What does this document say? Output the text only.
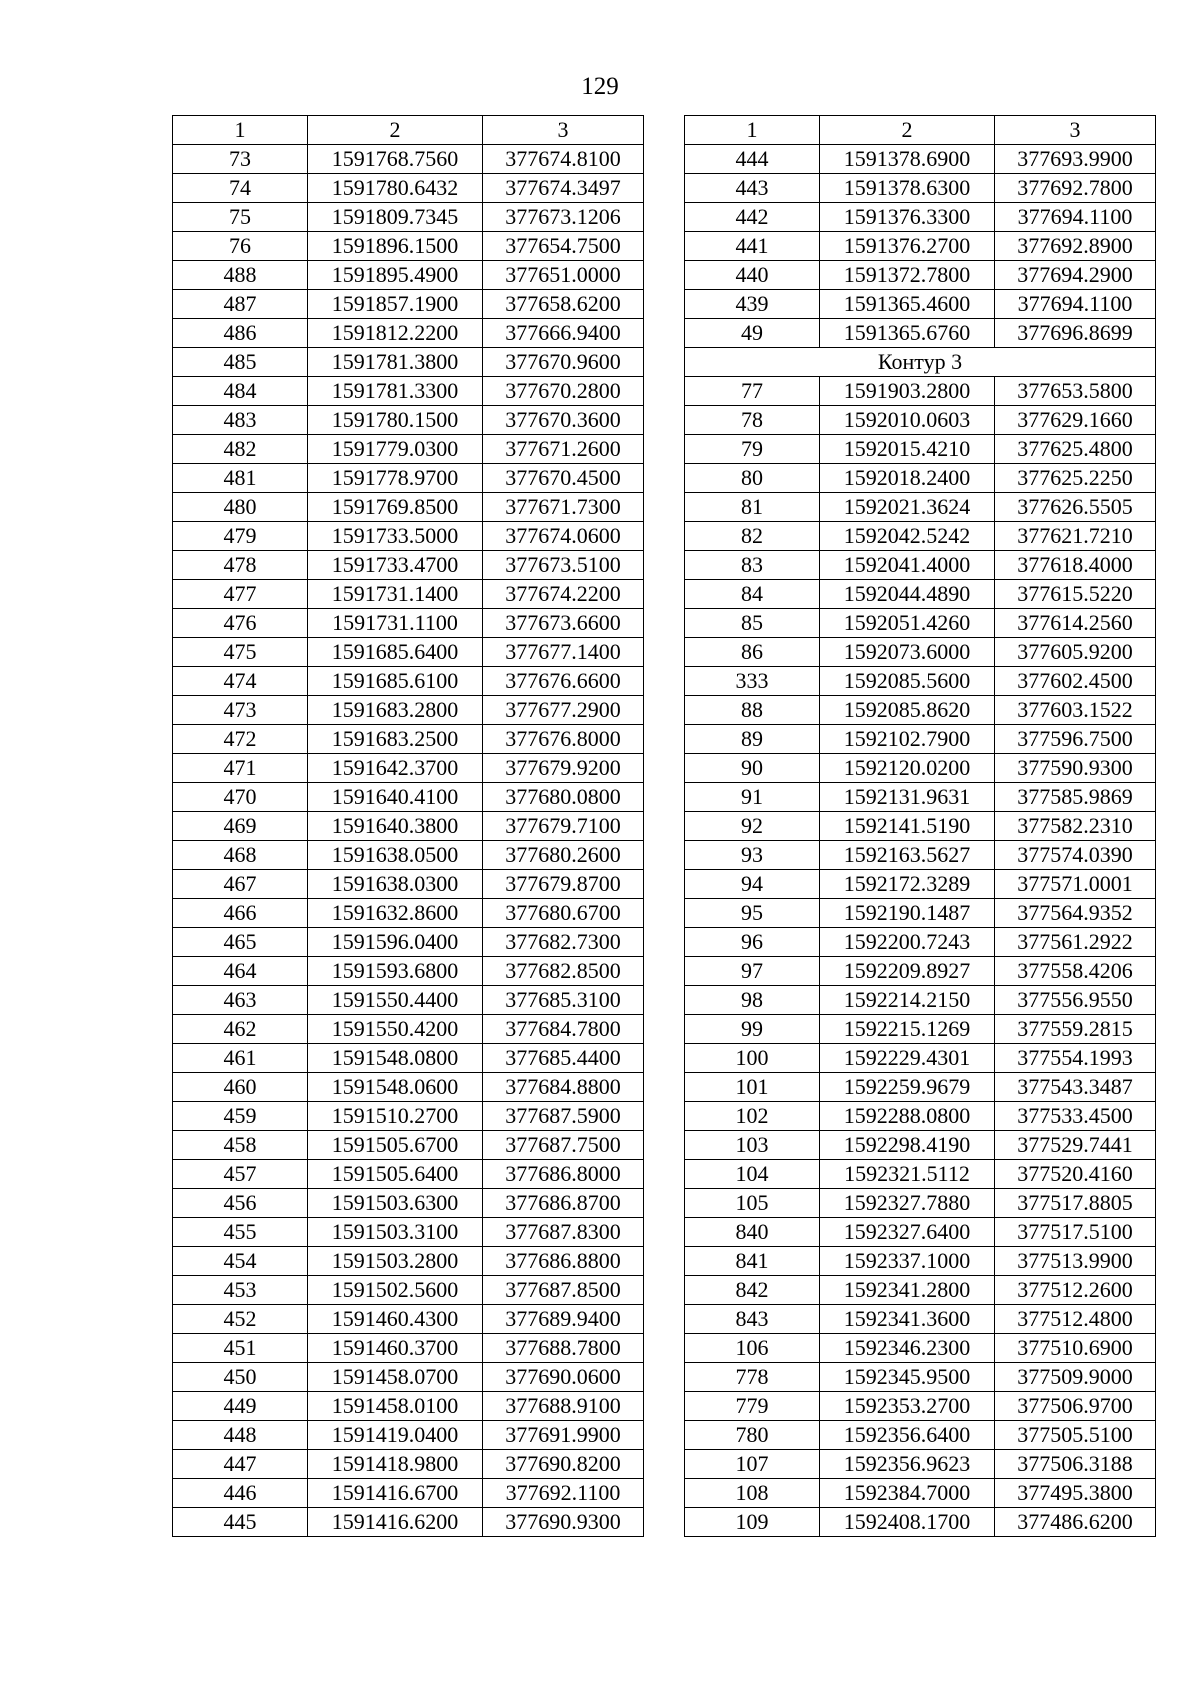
129
1	2	3
73	1591768.7560	377674.8100
74	1591780.6432	377674.3497
75	1591809.7345	377673.1206
76	1591896.1500	377654.7500
488	1591895.4900	377651.0000
487	1591857.1900	377658.6200
486	1591812.2200	377666.9400
485	1591781.3800	377670.9600
484	1591781.3300	377670.2800
483	1591780.1500	377670.3600
482	1591779.0300	377671.2600
481	1591778.9700	377670.4500
480	1591769.8500	377671.7300
479	1591733.5000	377674.0600
478	1591733.4700	377673.5100
477	1591731.1400	377674.2200
476	1591731.1100	377673.6600
475	1591685.6400	377677.1400
474	1591685.6100	377676.6600
473	1591683.2800	377677.2900
472	1591683.2500	377676.8000
471	1591642.3700	377679.9200
470	1591640.4100	377680.0800
469	1591640.3800	377679.7100
468	1591638.0500	377680.2600
467	1591638.0300	377679.8700
466	1591632.8600	377680.6700
465	1591596.0400	377682.7300
464	1591593.6800	377682.8500
463	1591550.4400	377685.3100
462	1591550.4200	377684.7800
461	1591548.0800	377685.4400
460	1591548.0600	377684.8800
459	1591510.2700	377687.5900
458	1591505.6700	377687.7500
457	1591505.6400	377686.8000
456	1591503.6300	377686.8700
455	1591503.3100	377687.8300
454	1591503.2800	377686.8800
453	1591502.5600	377687.8500
452	1591460.4300	377689.9400
451	1591460.3700	377688.7800
450	1591458.0700	377690.0600
449	1591458.0100	377688.9100
448	1591419.0400	377691.9900
447	1591418.9800	377690.8200
446	1591416.6700	377692.1100
445	1591416.6200	377690.9300
1	2	3
444	1591378.6900	377693.9900
443	1591378.6300	377692.7800
442	1591376.3300	377694.1100
441	1591376.2700	377692.8900
440	1591372.7800	377694.2900
439	1591365.4600	377694.1100
49	1591365.6760	377696.8699
Контур 3		
77	1591903.2800	377653.5800
78	1592010.0603	377629.1660
79	1592015.4210	377625.4800
80	1592018.2400	377625.2250
81	1592021.3624	377626.5505
82	1592042.5242	377621.7210
83	1592041.4000	377618.4000
84	1592044.4890	377615.5220
85	1592051.4260	377614.2560
86	1592073.6000	377605.9200
333	1592085.5600	377602.4500
88	1592085.8620	377603.1522
89	1592102.7900	377596.7500
90	1592120.0200	377590.9300
91	1592131.9631	377585.9869
92	1592141.5190	377582.2310
93	1592163.5627	377574.0390
94	1592172.3289	377571.0001
95	1592190.1487	377564.9352
96	1592200.7243	377561.2922
97	1592209.8927	377558.4206
98	1592214.2150	377556.9550
99	1592215.1269	377559.2815
100	1592229.4301	377554.1993
101	1592259.9679	377543.3487
102	1592288.0800	377533.4500
103	1592298.4190	377529.7441
104	1592321.5112	377520.4160
105	1592327.7880	377517.8805
840	1592327.6400	377517.5100
841	1592337.1000	377513.9900
842	1592341.2800	377512.2600
843	1592341.3600	377512.4800
106	1592346.2300	377510.6900
778	1592345.9500	377509.9000
779	1592353.2700	377506.9700
780	1592356.6400	377505.5100
107	1592356.9623	377506.3188
108	1592384.7000	377495.3800
109	1592408.1700	377486.6200
